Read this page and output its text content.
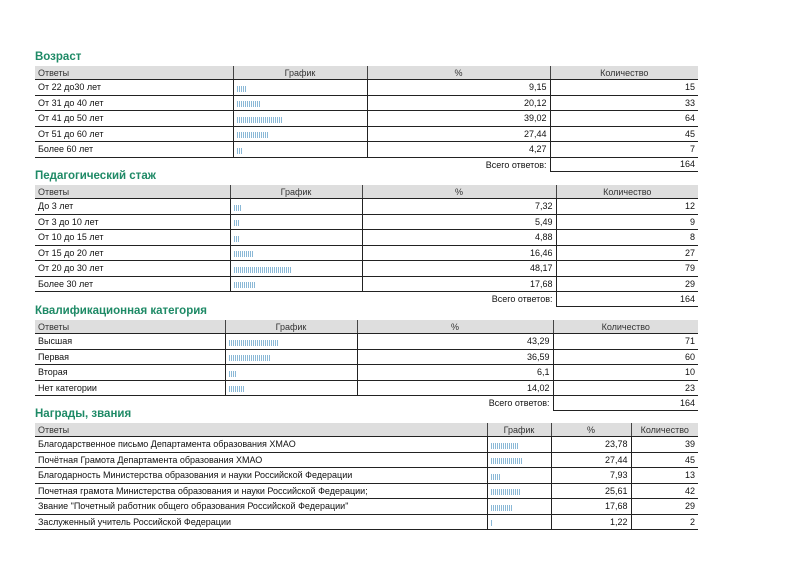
Возраст
Ответы	График	%	Количество
От 22 до30 лет		9,15	15
От 31 до 40 лет		20,12	33
От 41 до 50 лет		39,02	64
От 51 до 60 лет		27,44	45
Более 60 лет		4,27	7
		Всего ответов:	164
Педагогический стаж
Ответы	График	%	Количество
До 3 лет		7,32	12
От 3 до 10 лет		5,49	9
От 10 до 15 лет		4,88	8
От 15 до 20 лет		16,46	27
От 20 до 30 лет		48,17	79
Более 30 лет		17,68	29
		Всего ответов:	164
Квалификационная категория
Ответы	График	%	Количество
Высшая		43,29	71
Первая		36,59	60
Вторая		6,1	10
Нет категории		14,02	23
		Всего ответов:	164
Награды, звания
Ответы	График	%	Количество
Благодарственное письмо Департамента образования ХМАО		23,78	39
Почётная Грамота Департамента образования ХМАО		27,44	45
Благодарность Министерства образования и науки Российской Федерации		7,93	13
Почетная грамота Министерства образования и науки Российской Федерации;		25,61	42
Звание "Почетный работник общего образования Российской Федерации"		17,68	29
Заслуженный учитель Российской Федерации		1,22	2
